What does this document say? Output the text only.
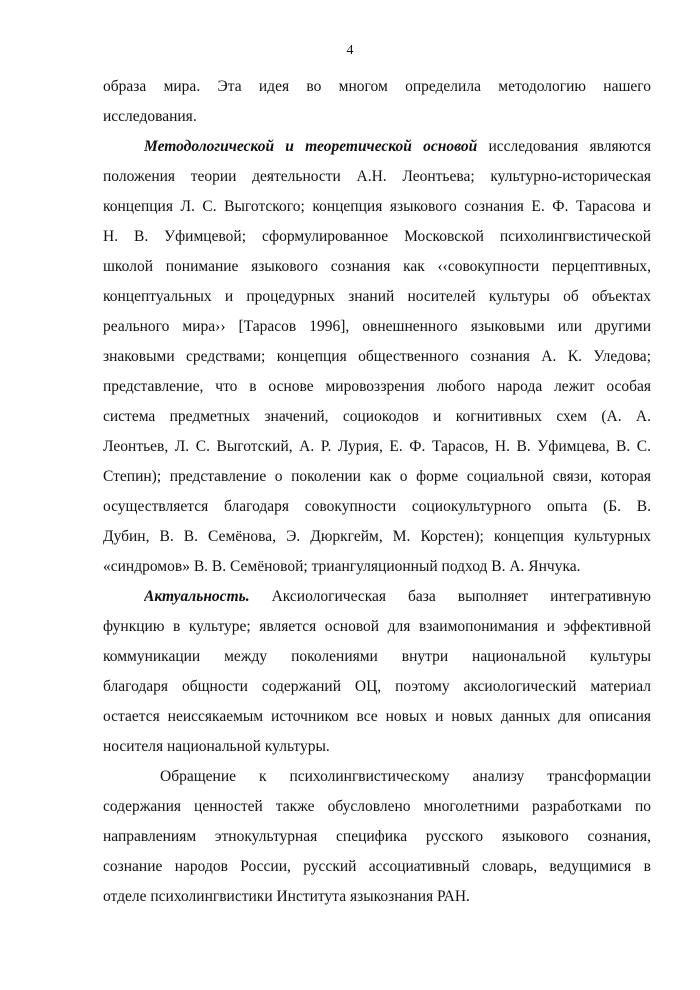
4
образа мира. Эта идея во многом определила методологию нашего
исследования.
Методологической и теоретической основой исследования являются
положения теории деятельности А.Н. Леонтьева; культурно-историческая
концепция Л. С. Выготского; концепция языкового сознания Е. Ф. Тарасова и
Н. В. Уфимцевой; сформулированное Московской психолингвистической
школой понимание языкового сознания как ‹‹совокупности перцептивных,
концептуальных и процедурных знаний носителей культуры об объектах
реального мира›› [Тарасов 1996], овнешненного языковыми или другими
знаковыми средствами; концепция общественного сознания А. К. Уледова;
представление, что в основе мировоззрения любого народа лежит особая
система предметных значений, социокодов и когнитивных схем (А. А.
Леонтьев, Л. С. Выготский, А. Р. Лурия, Е. Ф. Тарасов, Н. В. Уфимцева, В. С.
Степин); представление о поколении как о форме социальной связи, которая
осуществляется благодаря совокупности социокультурного опыта (Б. В.
Дубин, В. В. Семёнова, Э. Дюркгейм, М. Корстен); концепция культурных
«синдромов» В. В. Семёновой; триангуляционный подход В. А. Янчука.
Актуальность. Аксиологическая база выполняет интегративную
функцию в культуре; является основой для взаимопонимания и эффективной
коммуникации между поколениями внутри национальной культуры
благодаря общности содержаний ОЦ, поэтому аксиологический материал
остается неиссякаемым источником все новых и новых данных для описания
носителя национальной культуры.
Обращение к психолингвистическому анализу трансформации
содержания ценностей также обусловлено многолетними разработками по
направлениям этнокультурная специфика русского языкового сознания,
сознание народов России, русский ассоциативный словарь, ведущимися в
отделе психолингвистики Института языкознания РАН.
